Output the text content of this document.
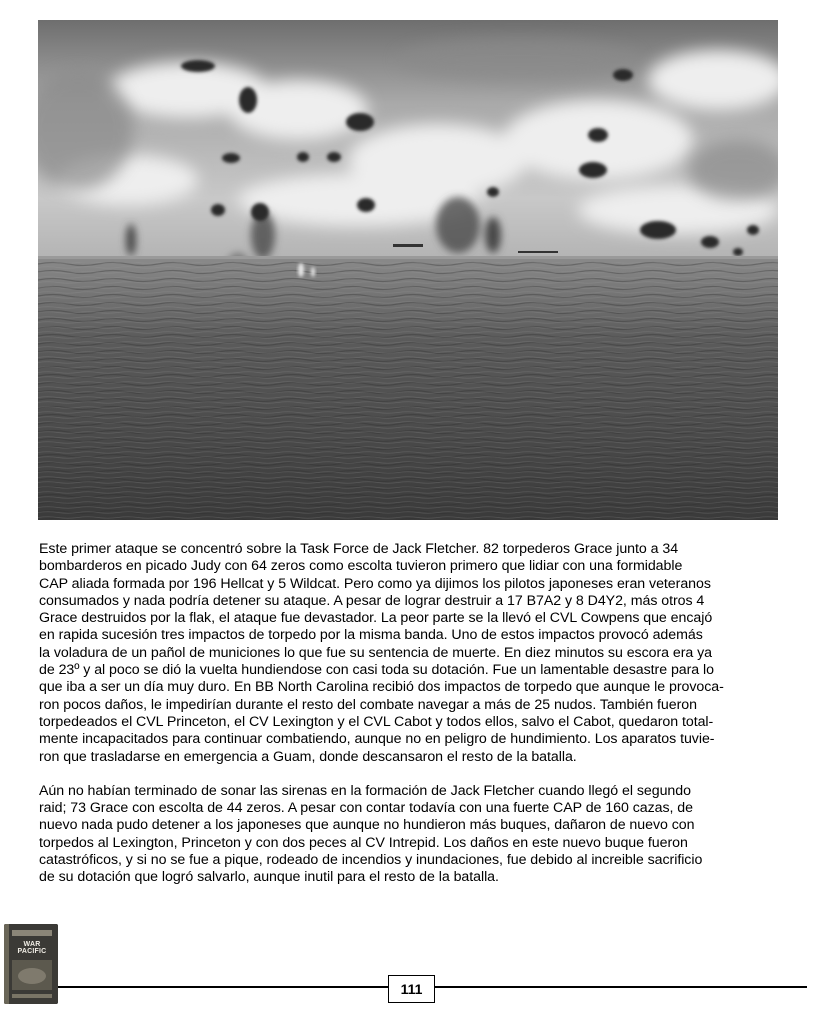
Este primer ataque se concentró sobre la Task Force de Jack Fletcher. 82 torpederos Grace junto a 34
bombarderos en picado Judy con 64 zeros como escolta tuvieron primero que lidiar con una formidable
CAP aliada formada por 196 Hellcat y 5 Wildcat. Pero como ya dijimos los pilotos japoneses eran veteranos
consumados y nada podría detener su ataque. A pesar de lograr destruir a 17 B7A2 y 8 D4Y2, más otros 4
Grace destruidos por la flak, el ataque fue devastador. La peor parte se la llevó el CVL Cowpens que encajó
en rapida sucesión tres impactos de torpedo por la misma banda. Uno de estos impactos provocó además
la voladura de un pañol de municiones lo que fue su sentencia de muerte. En diez minutos su escora era ya
de 23º y al poco se dió la vuelta hundiendose con casi toda su dotación. Fue un lamentable desastre para lo
que iba a ser un día muy duro. En BB North Carolina recibió dos impactos de torpedo que aunque le provoca-
ron pocos daños, le impedirían durante el resto del combate navegar a más de 25 nudos. También fueron
torpedeados el CVL Princeton, el CV Lexington y el CVL Cabot y todos ellos, salvo el Cabot, quedaron total-
mente incapacitados para continuar combatiendo, aunque no en peligro de hundimiento. Los aparatos tuvie-
ron que trasladarse en emergencia a Guam, donde descansaron el resto de la batalla.

Aún no habían terminado de sonar las sirenas en la formación de Jack Fletcher cuando llegó el segundo
raid; 73 Grace con escolta de 44 zeros. A pesar con contar todavía con una fuerte CAP de 160 cazas, de
nuevo nada pudo detener a los japoneses que aunque no hundieron más buques, dañaron de nuevo con
torpedos al Lexington, Princeton y con dos peces al CV Intrepid. Los daños en este nuevo buque fueron
catastróficos, y si no se fue a pique, rodeado de incendios y inundaciones, fue debido al increible sacrificio
de su dotación que logró salvarlo, aunque inutil para el resto de la batalla.

WAR
PACIFIC
111
